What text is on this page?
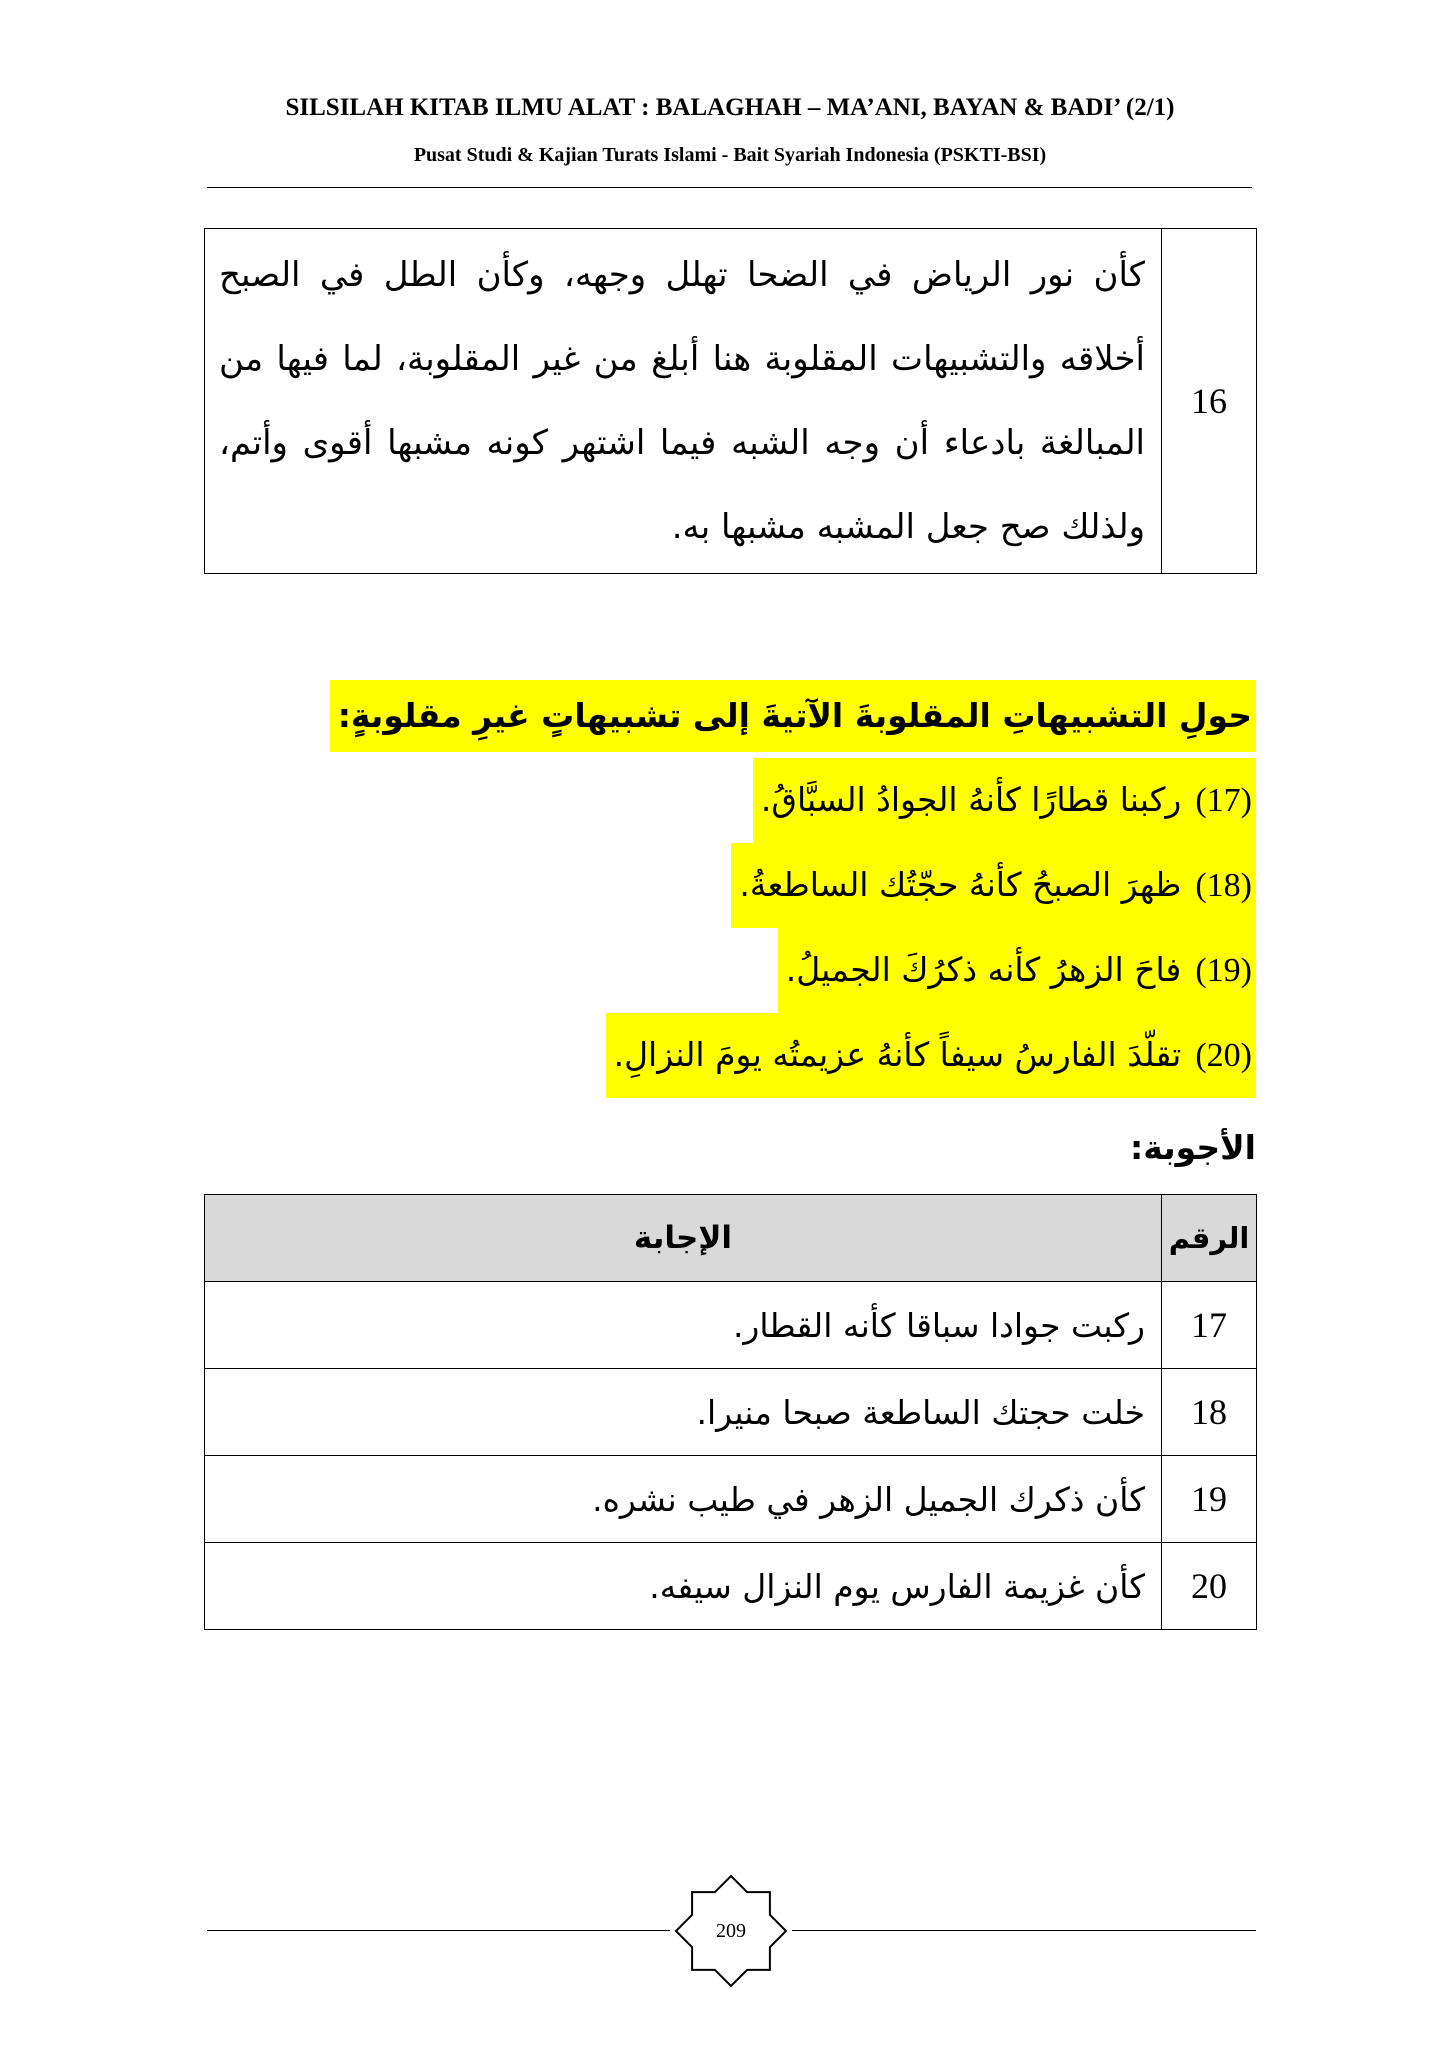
SILSILAH KITAB ILMU ALAT : BALAGHAH – MA’ANI, BAYAN & BADI’ (2/1)
Pusat Studi & Kajian Turats Islami - Bait Syariah Indonesia (PSKTI-BSI)
16	كأن نور الرياض في الضحا تهلل وجهه، وكأن الطل في الصبح أخلاقه والتشبيهات المقلوبة هنا أبلغ من غير المقلوبة، لما فيها من المبالغة بادعاء أن وجه الشبه فيما اشتهر كونه مشبها أقوى وأتم، ولذلك صح جعل المشبه مشبها به.
حولِ التشبيهاتِ المقلوبةَ الآتيةَ إلى تشبيهاتٍ غيرِ مقلوبةٍ:
(17)ركبنا قطارًا كأنهُ الجوادُ السبَّاقُ.
(18)ظهرَ الصبحُ كأنهُ حجّتُك الساطعةُ.
(19)فاحَ الزهرُ كأنه ذكرُكَ الجميلُ.
(20)تقلّدَ الفارسُ سيفاً كأنهُ عزيمتُه يومَ النزالِ.
الأجوبة:
الرقم	الإجابة
17	ركبت جوادا سباقا كأنه القطار.
18	خلت حجتك الساطعة صبحا منيرا.
19	كأن ذكرك الجميل الزهر في طيب نشره.
20	كأن غزيمة الفارس يوم النزال سيفه.
209
